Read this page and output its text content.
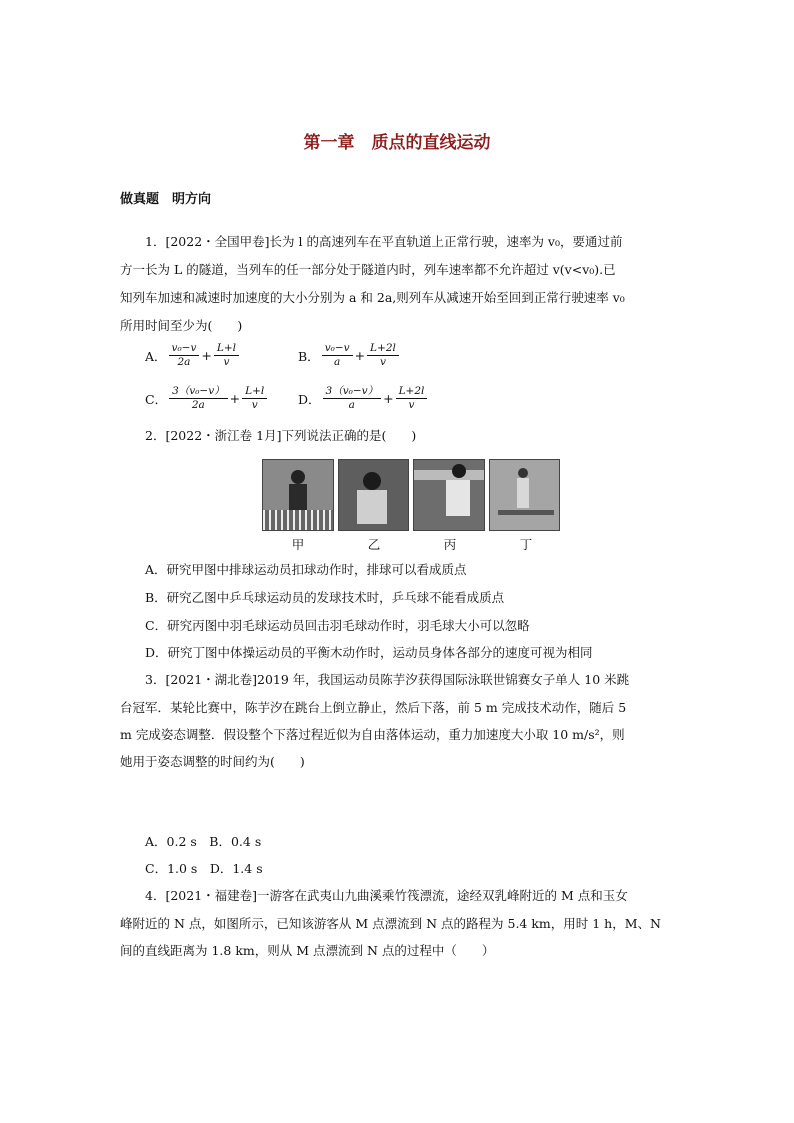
第一章　质点的直线运动
做真题　明方向
1．[2022・全国甲卷]长为 l 的高速列车在平直轨道上正常行驶，速率为 v₀，要通过前
方一长为 L 的隧道，当列车的任一部分处于隧道内时，列车速率都不允许超过 v(v<v₀).已
知列车加速和减速时加速度的大小分别为 a 和 2a,则列车从减速开始至回到正常行驶速率 v₀
所用时间至少为(　　)
A． $\frac{\text{v₀−v}}{2a} + \frac{L+l}{v}$	B． $\frac{\text{v₀−v}}{a} + \frac{L+2l}{v}$
C． $\frac{\text{3（v₀−v）}}{2a} + \frac{L+l}{v}$ D． $\frac{\text{3（v₀−v）}}{a} + \frac{L+2l}{v}$
2．[2022・浙江卷 1月]下列说法正确的是(　　)
甲	乙	丙	丁
A．研究甲图中排球运动员扣球动作时，排球可以看成质点
B．研究乙图中乒乓球运动员的发球技术时，乒乓球不能看成质点
C．研究丙图中羽毛球运动员回击羽毛球动作时，羽毛球大小可以忽略
D．研究丁图中体操运动员的平衡木动作时，运动员身体各部分的速度可视为相同
3．[2021・湖北卷]2019 年，我国运动员陈芋汐获得国际泳联世锦赛女子单人 10 米跳
台冠军．某轮比赛中，陈芋汐在跳台上倒立静止，然后下落，前 5 m 完成技术动作，随后 5
m 完成姿态调整．假设整个下落过程近似为自由落体运动，重力加速度大小取 10 m/s²，则
她用于姿态调整的时间约为(　　)
A．0.2 s　B．0.4 s
C．1.0 s　D．1.4 s
4．[2021・福建卷]一游客在武夷山九曲溪乘竹筏漂流，途经双乳峰附近的 M 点和玉女
峰附近的 N 点，如图所示，已知该游客从 M 点漂流到 N 点的路程为 5.4 km，用时 1 h，M、N
间的直线距离为 1.8 km，则从 M 点漂流到 N 点的过程中（　　）
